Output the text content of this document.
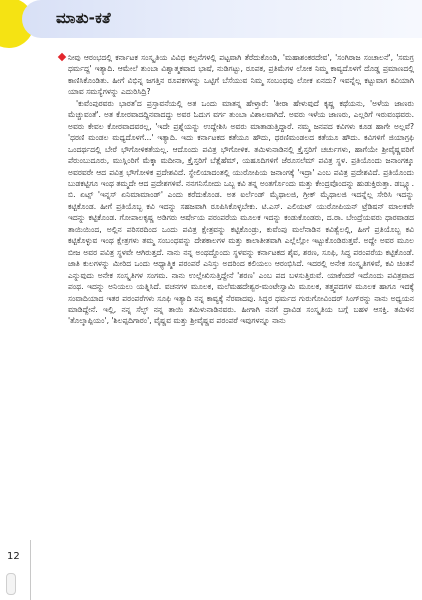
ಮಾತು-ಕತೆ

ನೀವು ಆರಂಭದಲ್ಲಿ ಕರ್ನಾಟಕ ಸಂಸ್ಕೃತಿಯ ವಿವಿಧ ಕಲ್ಪನೆಗಳಲ್ಲಿ ಪಟ್ಟವಾಗಿ ತೆರೆದುಕೊಂಡಿ, 'ಮಹಾಶಂಕರದೇವ', 'ಸಂಗಿರಾಜ ಸಂಚಾಲನೆ', 'ಸಮಗ್ರ ಧರ್ಮದ್ದ' ಇತ್ಯಾದಿ. ಆಮೇಲೆ ತುಂಬಾ ವಿಶ್ವಾತ್ಮಕವಾದ ಭಾಷೆ, ನುಡಿಗಟ್ಟು, ರೂಪಕ, ಪ್ರತಿಮೆಗಳ ಲೋಕ ನಿಮ್ಮ ಕಾವ್ಯದೊಳಗೆ ದೊಡ್ಡ ಪ್ರಮಾಣದಲ್ಲಿ ಕಾಣಿಸಿಕೊಂಡಿತು. ಹೀಗೆ ವಿಭಿನ್ನ ಜಗತ್ತಿನ ರೂಪಕಗಳನ್ನು ಒಟ್ಟಿಗೆ ಬೆಸೆಯುವ ನಿಮ್ಮ ಸಂಬಂಧವು ಲೋಕ ಏನದು? ಇವನ್ನೆಲ್ಲ ಕಟ್ಟುವಾಗ ಕವಿಯಾಗಿ ಯಾವ ಸಮಸ್ಯೆಗಳನ್ನು ಎದುರಿಸಿದ್ರಿ?

'ಕುವೆಂಪುರವರು ಭಾರತ'ದ ಪ್ರಸ್ತಾವನೆಯಲ್ಲಿ ಅತ ಒಂದು ಮಾತನ್ನ ಹೇಳ್ತಾರೆ: 'ತೀರಾ ಹೇಳುವುದೆ ಕೃಷ್ಣ ಕಥೆಯನು, 'ಅಳೆಯ ಜಾಣರು ಮೆಚ್ಚುವಂತೆ'. ಅತ ಕೋರವಾದದ್ದಿನವಾದದ್ದು ಅವರ ಓದುಗ ವರ್ಗ ತುಂಬಾ ವಿಶಾಲವಾಗಿದೆ. ಅವರು ಇಳೆಯ ಜಾಣರು, ಎಲ್ಲರಿಗೆ ಇರುವಂಥವರು. ಅವರು ಕೇವಲ ಕೋರವಾದವರಲ್ಲ, 'ಇದೇ ಪ್ರಶ್ನೆಯನ್ನು ಉದ್ದೇಶಿಸಿ ಅವರು ಮಾತಾಡುತ್ತಿದ್ದಾರೆ. ನಮ್ಮ ಜನಪದ ಕವಿಗಳು ಕೂಡ ಹಾಗೇ ಅಲ್ಲವೆ? 'ಧರಣಿ ಮಂಡಲ ಮಧ್ಯದೊಳಗೆ...' ಇತ್ಯಾದಿ. ಇದು ಕರ್ನಾಟಕದ ಕತೆಯೂ ಹೌದು, ಧರಣಿಮಂಡಲದ ಕತೆಯೂ ಹೌದು. ಕವಿಗಳಿಗೆ ಜಿಯಾಗ್ರಫಿ ಒಂದರ್ಥದಲ್ಲಿ ಬೇರೆ ಭೌಗೋಳಿಕತೆಯಲ್ಲ. ಆದೊಂದು ಪವಿತ್ರ ಭೌಗೋಳಿಕ. ತಮಿಳುನಾಡಿನಲ್ಲಿ ಕ್ರೈಸ್ತರಿಗೆ ಚರ್ಚುಗಳು, ಹಾಗೆಯೇ ಶ್ರೀವೈಷ್ಣವರಿಗೆ ಪೆರುಂಬುದೂರು, ಮುಸ್ಲಿಂರಿಗೆ ಮೆಕ್ಕಾ ಮದೀನಾ, ಕ್ರೈಸ್ತರಿಗೆ ಬೆತ್ಲೆಹೆಮ್, ಯಹೂದಿಗಳಿಗೆ ಜೆರೂಸಲೆಮ್ ಪವಿತ್ರ ಸ್ಥಳ. ಪ್ರತಿಯೊಂದು ಜನಾಂಗಕ್ಕೂ ಅವರವರೇ ಆದ ಪವಿತ್ರ ಭೌಗೋಳಿಕ ಪ್ರದೇಶವಿದೆ. ಸ್ಥೇಲಿಯಾದಂತಲ್ಲಿ ಯುರೋಪಿಯ ಜನಾಂಗಕ್ಕೆ 'ಇದ್ರಾ' ಎಂಬ ಪವಿತ್ರ ಪ್ರದೇಶವಿದೆ. ಪ್ರತಿಯೊಂದು ಬುಡಕಟ್ಟಿಗೂ ಇಂಥ ತಮ್ಮದೇ ಆದ ಪ್ರದೇಶಗಳಿವೆ. ನನಗನಿಸೋದು ಒಬ್ಬ ಕವಿ ತನ್ನ ಅಂತರ್ಗೊಂದು ಮತ್ತು ಕೇಂದ್ರವೊಂದನ್ನು ಹುಡುಕ್ತಿರುತ್ತಾ. ಡಬ್ಲ್ಯೂ. ಬಿ. ಏಟ್ಸ್ 'ಇನ್ನಸ್ ಏನಿಮಾಮಾಂಡ್' ಎಂದು ಕರೆದುಕೊಂಡ. ಅತ ಐರ್ಲೆಂಡ್ ಮೈಥಾಲಜಿ, ಗ್ರೀಕ್ ಮೈಥಾಲಜಿ ಇದನ್ನೆಲ್ಲ ಸೇರಿಸಿ ಇದನ್ನು ಕಟ್ಟಿಕೊಂಡ. ಹೀಗೆ ಪ್ರತಿಯೊಬ್ಬ ಕವಿ ಇದನ್ನು ಸಹಜವಾಗಿ ರೂಪಿಸಿಕೊಳ್ಳಬೇಕು. ಟಿ.ಎಸ್. ಎಲಿಯಟ್ ಯುರೋಪಿಯನ್ ಟ್ರೆಡಿಷನ್ ಮಾಲಕವೇ ಇದನ್ನು ಕಟ್ಟಿಕೊಂಡ. ಗೋಪಾಲಕೃಷ್ಣ ಅಡಿಗರು ಆರ್ಷೇಯ ಪರಂಪರೆಯ ಮೂಲಕ ಇದನ್ನು ಕಂಡುಕೊಂಡರು, ದ.ರಾ. ಬೇಂದ್ರೆಯವರು ಧಾರವಾಡದ ತಾಯಿಯಿಂದ, ಅಲ್ಲಿನ ಪರಿಸರದಿಂದ ಒಂದು ಪವಿತ್ರ ಕ್ಷೇತ್ರವನ್ನು ಕಟ್ಟಿಕೊಂಡ್ರು, ಕುವೆಂಪು ಮಲೆನಾಡಿನ ಕವಿತ್ವೆಲಲ್ಲಿ, ಹೀಗೆ ಪ್ರತಿಯೊಬ್ಬ ಕವಿ ಕಟ್ಟಿಕೊಳ್ಳುವ ಇಂಥ ಕ್ಷೇತ್ರಗಳು ತಮ್ಮ ಸಂಬಂಧವನ್ನು ದೇಶಕಾಲಗಳ ಮತ್ತು ಕಾಲಾತೀತವಾಗಿ ಎಲ್ಲೆಲ್ಲೋ ಇಟ್ಟುಕೊಂಡಿರುತ್ತವೆ. ಅದ್ದೇ ಅವರ ಮೂಲ ಬೀಜ ಅವರ ಪವಿತ್ರ ಸ್ಥಳವೇ ಆಗಿರುತ್ತದೆ. ನಾನು ನನ್ನ ಅಂಥದ್ದೊಂದು ಸ್ಥಳವನ್ನು ಕರ್ನಾಟಕದ ಶೈವ, ಶರಣ, ಸೂಫಿ, ಸಿದ್ಧ ಪರಂಪರೆಯ ಕಟ್ಟಿಕೊಂಡೆ. ಜಾತಿ ಕುಲಗಳನ್ನು ಮೀರಿದ ಒಂದು ಆಧ್ಯಾತ್ಮಿಕ ಪರಂಪರೆ ಎನಿಸ್ತು ಅದರಿಂದ ಕಲಿಯಲು ಆರಂಭಿಸಿದೆ. ಇದರಲ್ಲಿ ಅನೇಕ ಸಂಸ್ಕೃತಿಗಳಿವೆ, ಕವಿ ಚಿಂತನೆ ಎನ್ನುವುದು ಅನೇಕ ಸಂಸ್ಕೃತಿಗಳ ಸಂಗಮ. ನಾನು ಉಲ್ಲೇಖಿಸುತ್ತಿದ್ದೇನೆ 'ಶರಣ' ಎಂಬ ಪದ ಬಳಸುತ್ತಿರುವೆ. ಯಾಕೆಂದರೆ ಇದೊಂದು ಪವಿತ್ರವಾದ ಪಂಥ. ಇದನ್ನು ಅನಿಯಲು ಯತ್ನಿಸಿದೆ. ವಚನಗಳ ಮೂಲಕ, ಮಲೆಮಹದೇಶ್ವರ-ಮಂಟೇಸ್ವಾಮಿ ಮೂಲಕ, ತತ್ತ್ವಪದಗಳ ಮೂಲಕ ಹಾಗೂ ಇದಕ್ಕೆ ಸಂವಾದಿಯಾದ ಇತರ ಪರಂಪರೆಗಳು ಸೂಫಿ ಇತ್ಯಾದಿ ನನ್ನ ಕಾವ್ಯಕ್ಕೆ ನೆರವಾದವು. ಸಿದ್ಧರ ಧರ್ಮದ ಗುರುಗೋವಿಂದರ್ ಸಿಂಗ್‌ರನ್ನು ನಾನು ಅಧ್ಯಯನ ಮಾಡಿದ್ದೇನೆ. ಇಲ್ಲಿ, ನನ್ನ ಸೆಲ್ಫ್ ನನ್ನ ತಾಯಿ ತಮಿಳುನಾಡಿನವರು. ಹೀಗಾಗಿ ನನಗೆ ದ್ರಾವಿಡ ಸಂಸ್ಕೃತಿಯ ಬಗ್ಗೆ ಬಹಳ ಆಸಕ್ತಿ. ತಮಿಳಿನ 'ತೊಲ್ಕಾಪ್ಪಿಯಂ', 'ಶಿಲಪ್ಪದಿಗಾರಂ', ವೈಷ್ಣವ ಮತ್ತು ಶ್ರೀವೈಷ್ಣವ ಪರಂಪರೆ ಇವುಗಳನ್ನೂ ನಾನು

12
